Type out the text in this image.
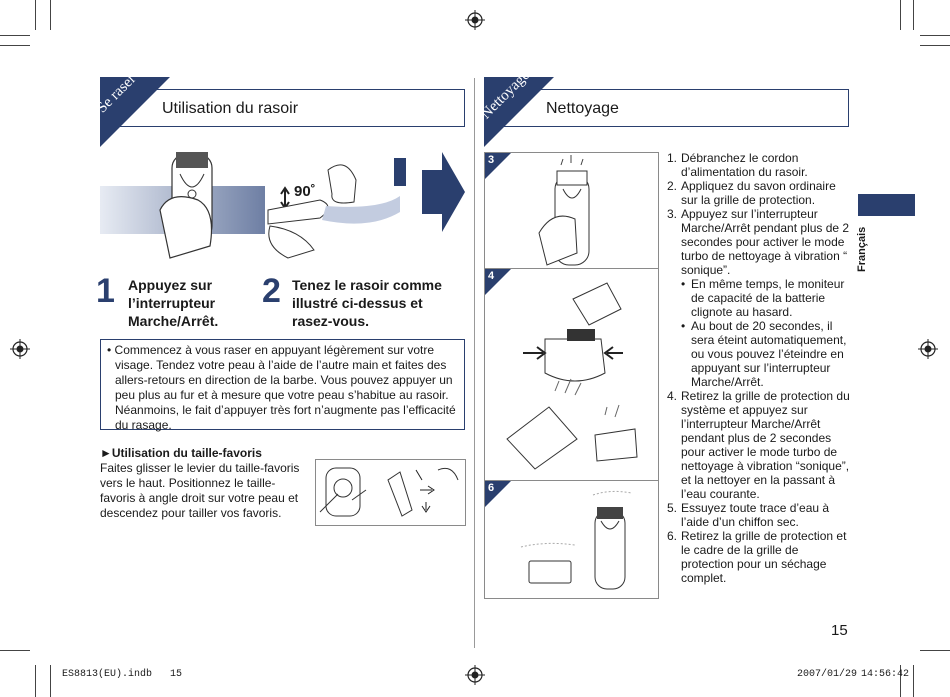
Se raser Utilisation du rasoir
90˚
1 Appuyez sur
l’interrupteur
Marche/Arrêt.
2 Tenez le rasoir comme
illustré ci-dessus et
rasez-vous.
• Commencez à vous raser en appuyant légèrement sur votre visage. Tendez votre peau à l’aide de l’autre main et faites des allers-retours en direction de la barbe. Vous pouvez appuyer un peu plus au fur et à mesure que votre peau s’habitue au rasoir. Néanmoins, le fait d’appuyer très fort n’augmente pas l’efficacité du rasage.
►Utilisation du taille-favoris
Faites glisser le levier du taille-favoris vers le haut. Positionnez le taille-favoris à angle droit sur votre peau et descendez pour tailler vos favoris.
Nettoyage Nettoyage
3
4
6
1. Débranchez le cordon d’alimentation du rasoir.
2. Appliquez du savon ordinaire sur la grille de protection.
3. Appuyez sur l’interrupteur Marche/Arrêt pendant plus de 2 secondes pour activer le mode turbo de nettoyage à vibration “ sonique”.
• En même temps, le moniteur de capacité de la batterie clignote au hasard.
• Au bout de 20 secondes, il sera éteint automatiquement, ou vous pouvez l’éteindre en appuyant sur l’interrupteur Marche/Arrêt.
4. Retirez la grille de protection du système et appuyez sur l’interrupteur Marche/Arrêt pendant plus de 2 secondes pour activer le mode turbo de nettoyage à vibration “sonique”, et la nettoyer en la passant à l’eau courante.
5. Essuyez toute trace d’eau à l’aide d’un chiffon sec.
6. Retirez la grille de protection et le cadre de la grille de protection pour un séchage complet.
Français
15
ES8813(EU).indb   15	2007/01/29 14:56:42
